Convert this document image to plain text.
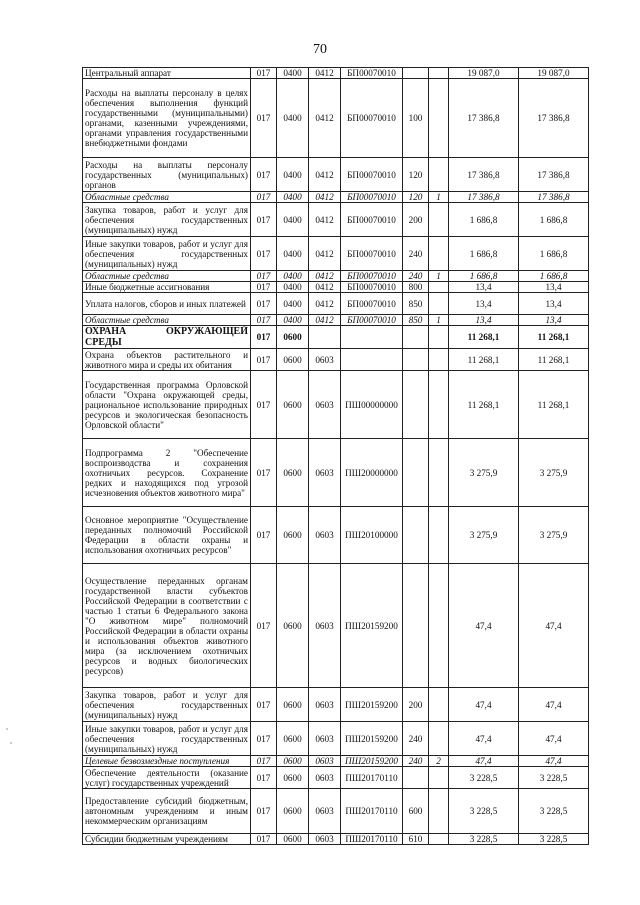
70
Центральный аппарат	017	0400	0412	БП00070010			19 087,0	19 087,0
Расходы на выплаты персоналу в целях обеспечения выполнения функций государственными (муниципальными) органами, казенными учреждениями, органами управления государственными внебюджетными фондами	017	0400	0412	БП00070010	100		17 386,8	17 386,8
Расходы на выплаты персоналу государственных (муниципальных) органов	017	0400	0412	БП00070010	120		17 386,8	17 386,8
Областные средства	017	0400	0412	БП00070010	120	1	17 386,8	17 386,8
Закупка товаров, работ и услуг для обеспечения государственных (муниципальных) нужд	017	0400	0412	БП00070010	200		1 686,8	1 686,8
Иные закупки товаров, работ и услуг для обеспечения государственных (муниципальных) нужд	017	0400	0412	БП00070010	240		1 686,8	1 686,8
Областные средства	017	0400	0412	БП00070010	240	1	1 686,8	1 686,8
Иные бюджетные ассигнования	017	0400	0412	БП00070010	800		13,4	13,4
Уплата налогов, сборов и иных платежей	017	0400	0412	БП00070010	850		13,4	13,4
Областные средства	017	0400	0412	БП00070010	850	1	13,4	13,4
ОХРАНА ОКРУЖАЮЩЕЙ СРЕДЫ	017	0600					11 268,1	11 268,1
Охрана объектов растительного и животного мира и среды их обитания	017	0600	0603				11 268,1	11 268,1
Государственная программа Орловской области "Охрана окружающей среды, рациональное использование природных ресурсов и экологическая безопасность Орловской области"	017	0600	0603	ПШ00000000			11 268,1	11 268,1
Подпрограмма 2 "Обеспечение воспроизводства и сохранения охотничьих ресурсов. Сохранение редких и находящихся под угрозой исчезновения объектов животного мира"	017	0600	0603	ПШ20000000			3 275,9	3 275,9
Основное мероприятие "Осуществление переданных полномочий Российской Федерации в области охраны и использования охотничьих ресурсов"	017	0600	0603	ПШ20100000			3 275,9	3 275,9
Осуществление переданных органам государственной власти субъектов Российской Федерации в соответствии с частью 1 статьи 6 Федерального закона "О животном мире" полномочий Российской Федерации в области охраны и использования объектов животного мира (за исключением охотничьих ресурсов и водных биологических ресурсов)	017	0600	0603	ПШ20159200			47,4	47,4
Закупка товаров, работ и услуг для обеспечения государственных (муниципальных) нужд	017	0600	0603	ПШ20159200	200		47,4	47,4
Иные закупки товаров, работ и услуг для обеспечения государственных (муниципальных) нужд	017	0600	0603	ПШ20159200	240		47,4	47,4
Целевые безвозмездные поступления	017	0600	0603	ПШ20159200	240	2	47,4	47,4
Обеспечение деятельности (оказание услуг) государственных учреждений	017	0600	0603	ПШ20170110			3 228,5	3 228,5
Предоставление субсидий бюджетным, автономным учреждениям и иным некоммерческим организациям	017	0600	0603	ПШ20170110	600		3 228,5	3 228,5
Субсидии бюджетным учреждениям	017	0600	0603	ПШ20170110	610		3 228,5	3 228,5
